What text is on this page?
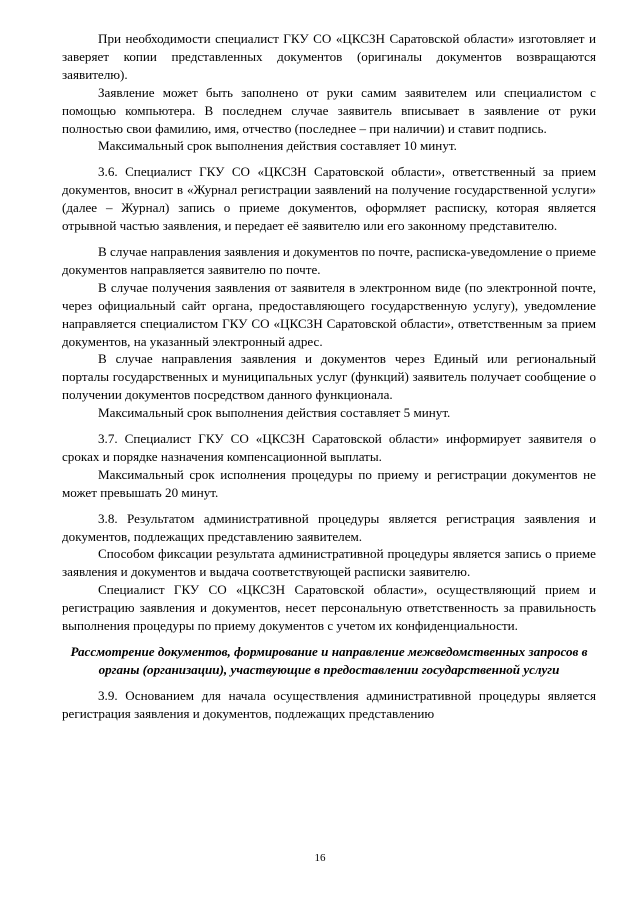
При необходимости специалист ГКУ СО «ЦКСЗН Саратовской области» изготовляет и заверяет копии представленных документов (оригиналы документов возвращаются заявителю).

Заявление может быть заполнено от руки самим заявителем или специалистом с помощью компьютера. В последнем случае заявитель вписывает в заявление от руки полностью свои фамилию, имя, отчество (последнее – при наличии) и ставит подпись.

Максимальный срок выполнения действия составляет 10 минут.

3.6. Специалист ГКУ СО «ЦКСЗН Саратовской области», ответственный за прием документов, вносит в «Журнал регистрации заявлений на получение государственной услуги» (далее – Журнал) запись о приеме документов, оформляет расписку, которая является отрывной частью заявления, и передает её заявителю или его законному представителю.

В случае направления заявления и документов по почте, расписка-уведомление о приеме документов направляется заявителю по почте.

В случае получения заявления от заявителя в электронном виде (по электронной почте, через официальный сайт органа, предоставляющего государственную услугу), уведомление направляется специалистом ГКУ СО «ЦКСЗН Саратовской области», ответственным за прием документов, на указанный электронный адрес.

В случае направления заявления и документов через Единый или региональный порталы государственных и муниципальных услуг (функций) заявитель получает сообщение о получении документов посредством данного функционала.

Максимальный срок выполнения действия составляет 5 минут.

3.7. Специалист ГКУ СО «ЦКСЗН Саратовской области» информирует заявителя о сроках и порядке назначения компенсационной выплаты.

Максимальный срок исполнения процедуры по приему и регистрации документов не может превышать 20 минут.

3.8. Результатом административной процедуры является регистрация заявления и документов, подлежащих представлению заявителем.

Способом фиксации результата административной процедуры является запись о приеме заявления и документов и выдача соответствующей расписки заявителю.

Специалист ГКУ СО «ЦКСЗН Саратовской области», осуществляющий прием и регистрацию заявления и документов, несет персональную ответственность за правильность выполнения процедуры по приему документов с учетом их конфиденциальности.

Рассмотрение документов, формирование и направление межведомственных запросов в органы (организации), участвующие в предоставлении государственной услуги

3.9. Основанием для начала осуществления административной процедуры является регистрация заявления и документов, подлежащих представлению

16
